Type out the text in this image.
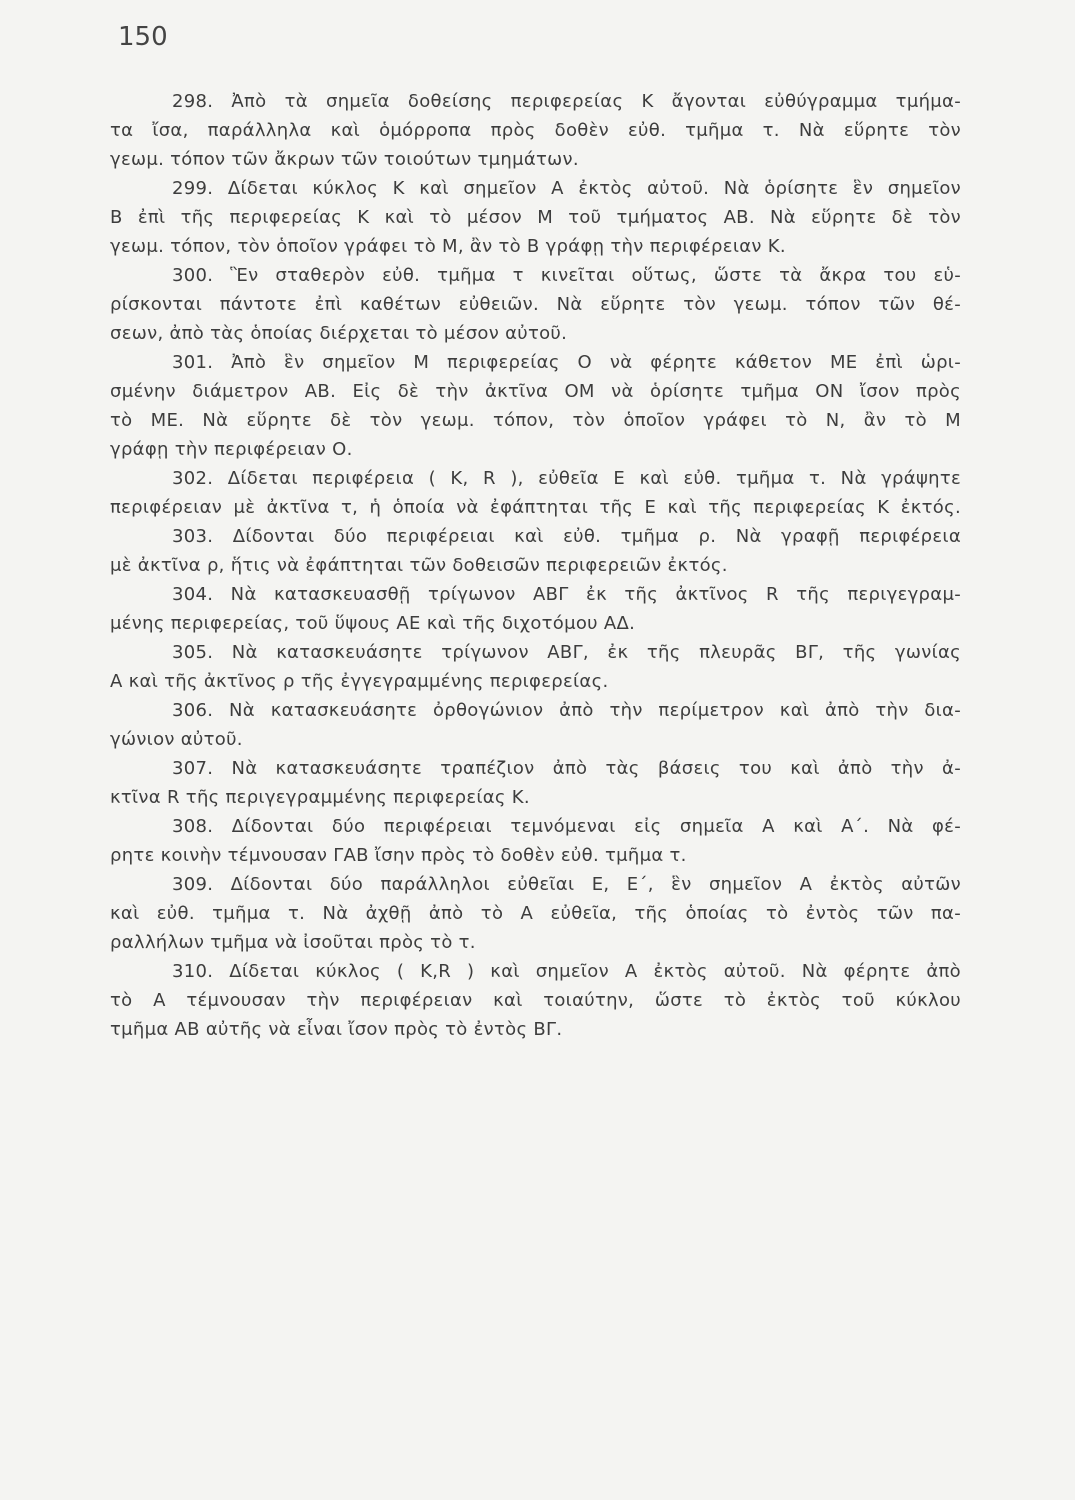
150
298. Ἀπὸ τὰ σημεῖα δοθείσης περιφερείας Κ ἄγονται εὐθύγραμμα τμήμα-
τα ἴσα, παράλληλα καὶ ὁμόρροπα πρὸς δοθὲν εὐθ. τμῆμα τ. Νὰ εὕρητε τὸν
γεωμ. τόπον τῶν ἄκρων τῶν τοιούτων τμημάτων.
299. Δίδεται κύκλος Κ καὶ σημεῖον Α ἐκτὸς αὐτοῦ. Νὰ ὁρίσητε ἓν σημεῖον
Β ἐπὶ τῆς περιφερείας Κ καὶ τὸ μέσον Μ τοῦ τμήματος ΑΒ. Νὰ εὕρητε δὲ τὸν
γεωμ. τόπον, τὸν ὁποῖον γράφει τὸ Μ, ἂν τὸ Β γράφῃ τὴν περιφέρειαν Κ.
300. Ἓν σταθερὸν εὐθ. τμῆμα τ κινεῖται οὕτως, ὥστε τὰ ἄκρα του εὑ-
ρίσκονται πάντοτε ἐπὶ καθέτων εὐθειῶν. Νὰ εὕρητε τὸν γεωμ. τόπον τῶν θέ-
σεων, ἀπὸ τὰς ὁποίας διέρχεται τὸ μέσον αὐτοῦ.
301. Ἀπὸ ἓν σημεῖον Μ περιφερείας Ο νὰ φέρητε κάθετον ΜΕ ἐπὶ ὡρι-
σμένην διάμετρον ΑΒ. Εἰς δὲ τὴν ἀκτῖνα ΟΜ νὰ ὁρίσητε τμῆμα ΟΝ ἴσον πρὸς
τὸ ΜΕ. Νὰ εὕρητε δὲ τὸν γεωμ. τόπον, τὸν ὁποῖον γράφει τὸ Ν, ἂν τὸ Μ
γράφῃ τὴν περιφέρειαν Ο.
302. Δίδεται περιφέρεια ( Κ, R ), εὐθεῖα Ε καὶ εὐθ. τμῆμα τ. Νὰ γράψητε
περιφέρειαν μὲ ἀκτῖνα τ, ἡ ὁποία νὰ ἐφάπτηται τῆς Ε καὶ τῆς περιφερείας Κ ἐκτός.
303. Δίδονται δύο περιφέρειαι καὶ εὐθ. τμῆμα ρ. Νὰ γραφῇ περιφέρεια
μὲ ἀκτῖνα ρ, ἥτις νὰ ἐφάπτηται τῶν δοθεισῶν περιφερειῶν ἐκτός.
304. Νὰ κατασκευασθῇ τρίγωνον ΑΒΓ ἐκ τῆς ἀκτῖνος R τῆς περιγεγραμ-
μένης περιφερείας, τοῦ ὕψους ΑΕ καὶ τῆς διχοτόμου ΑΔ.
305. Νὰ κατασκευάσητε τρίγωνον ΑΒΓ, ἐκ τῆς πλευρᾶς ΒΓ, τῆς γωνίας
Α καὶ τῆς ἀκτῖνος ρ τῆς ἐγγεγραμμένης περιφερείας.
306. Νὰ κατασκευάσητε ὀρθογώνιον ἀπὸ τὴν περίμετρον καὶ ἀπὸ τὴν δια-
γώνιον αὐτοῦ.
307. Νὰ κατασκευάσητε τραπέζιον ἀπὸ τὰς βάσεις του καὶ ἀπὸ τὴν ἀ-
κτῖνα R τῆς περιγεγραμμένης περιφερείας Κ.
308. Δίδονται δύο περιφέρειαι τεμνόμεναι εἰς σημεῖα Α καὶ Α΄. Νὰ φέ-
ρητε κοινὴν τέμνουσαν ΓΑΒ ἴσην πρὸς τὸ δοθὲν εὐθ. τμῆμα τ.
309. Δίδονται δύο παράλληλοι εὐθεῖαι Ε, Ε΄, ἓν σημεῖον Α ἐκτὸς αὐτῶν
καὶ εὐθ. τμῆμα τ. Νὰ ἀχθῇ ἀπὸ τὸ Α εὐθεῖα, τῆς ὁποίας τὸ ἐντὸς τῶν πα-
ραλλήλων τμῆμα νὰ ἰσοῦται πρὸς τὸ τ.
310. Δίδεται κύκλος ( Κ,R ) καὶ σημεῖον Α ἐκτὸς αὐτοῦ. Νὰ φέρητε ἀπὸ
τὸ Α τέμνουσαν τὴν περιφέρειαν καὶ τοιαύτην, ὥστε τὸ ἐκτὸς τοῦ κύκλου
τμῆμα ΑΒ αὐτῆς νὰ εἶναι ἴσον πρὸς τὸ ἐντὸς ΒΓ.
